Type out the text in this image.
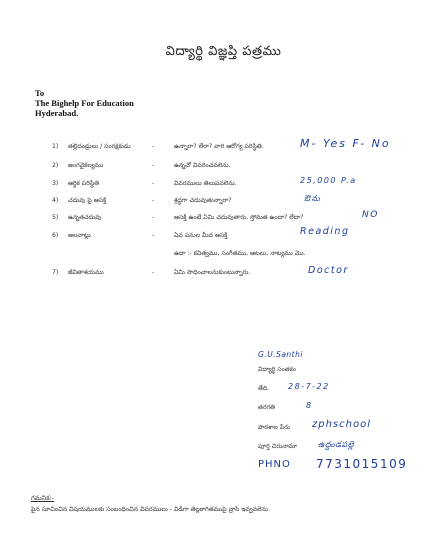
విద్యార్థి విజ్ఞప్తి పత్రము
To
The Bighelp For Education
Hyderabad.
1) తల్లిదండ్రులు / సంరక్షకుడు	-	ఉన్నారా? లేరా? వారి ఆరోగ్య పరిస్థితి.	M- Yes F- No
2) అంగవైకల్యము	-	ఉన్నచో వివరించవలెను.
3) ఆర్థిక పరిస్థితి	-	వివరములు తెలుపవలెను.	25,000 P.a
4) చదువు పై ఆసక్తి	-	శ్రద్ధగా చదువుతున్నారా?	ఔను
5) ఉన్నతచదువు	-	ఆసక్తి ఉంటే ఏమి చదువుతారు, స్తోమత ఉందా? లేదా?	NO
6) అలవాట్లు	-	ఏవ పనుల మీద ఆసక్తి	Reading
ఉదా :- కవిత్వము, సంగీతము, ఆటలు, నాట్యము మొ.
7) జీవితాశయము	-	ఏమి సాధించాలనుకుంటున్నారు.	Doctor
G.U.Santhi
విద్యార్థి సంతకం
తేది. 28-7-22
తరగతి	8
పాఠశాల పేరు zphschool
పూర్తి చిరునామా	ఉద్దండపల్లె
PHNO 7731015109
గమనిక:-
పైన సూచించిన విషయములకు సంబంధించిన వివరములు - విడిగా తెల్లకాగితముపై వ్రాసి ఇవ్వవలెను.
